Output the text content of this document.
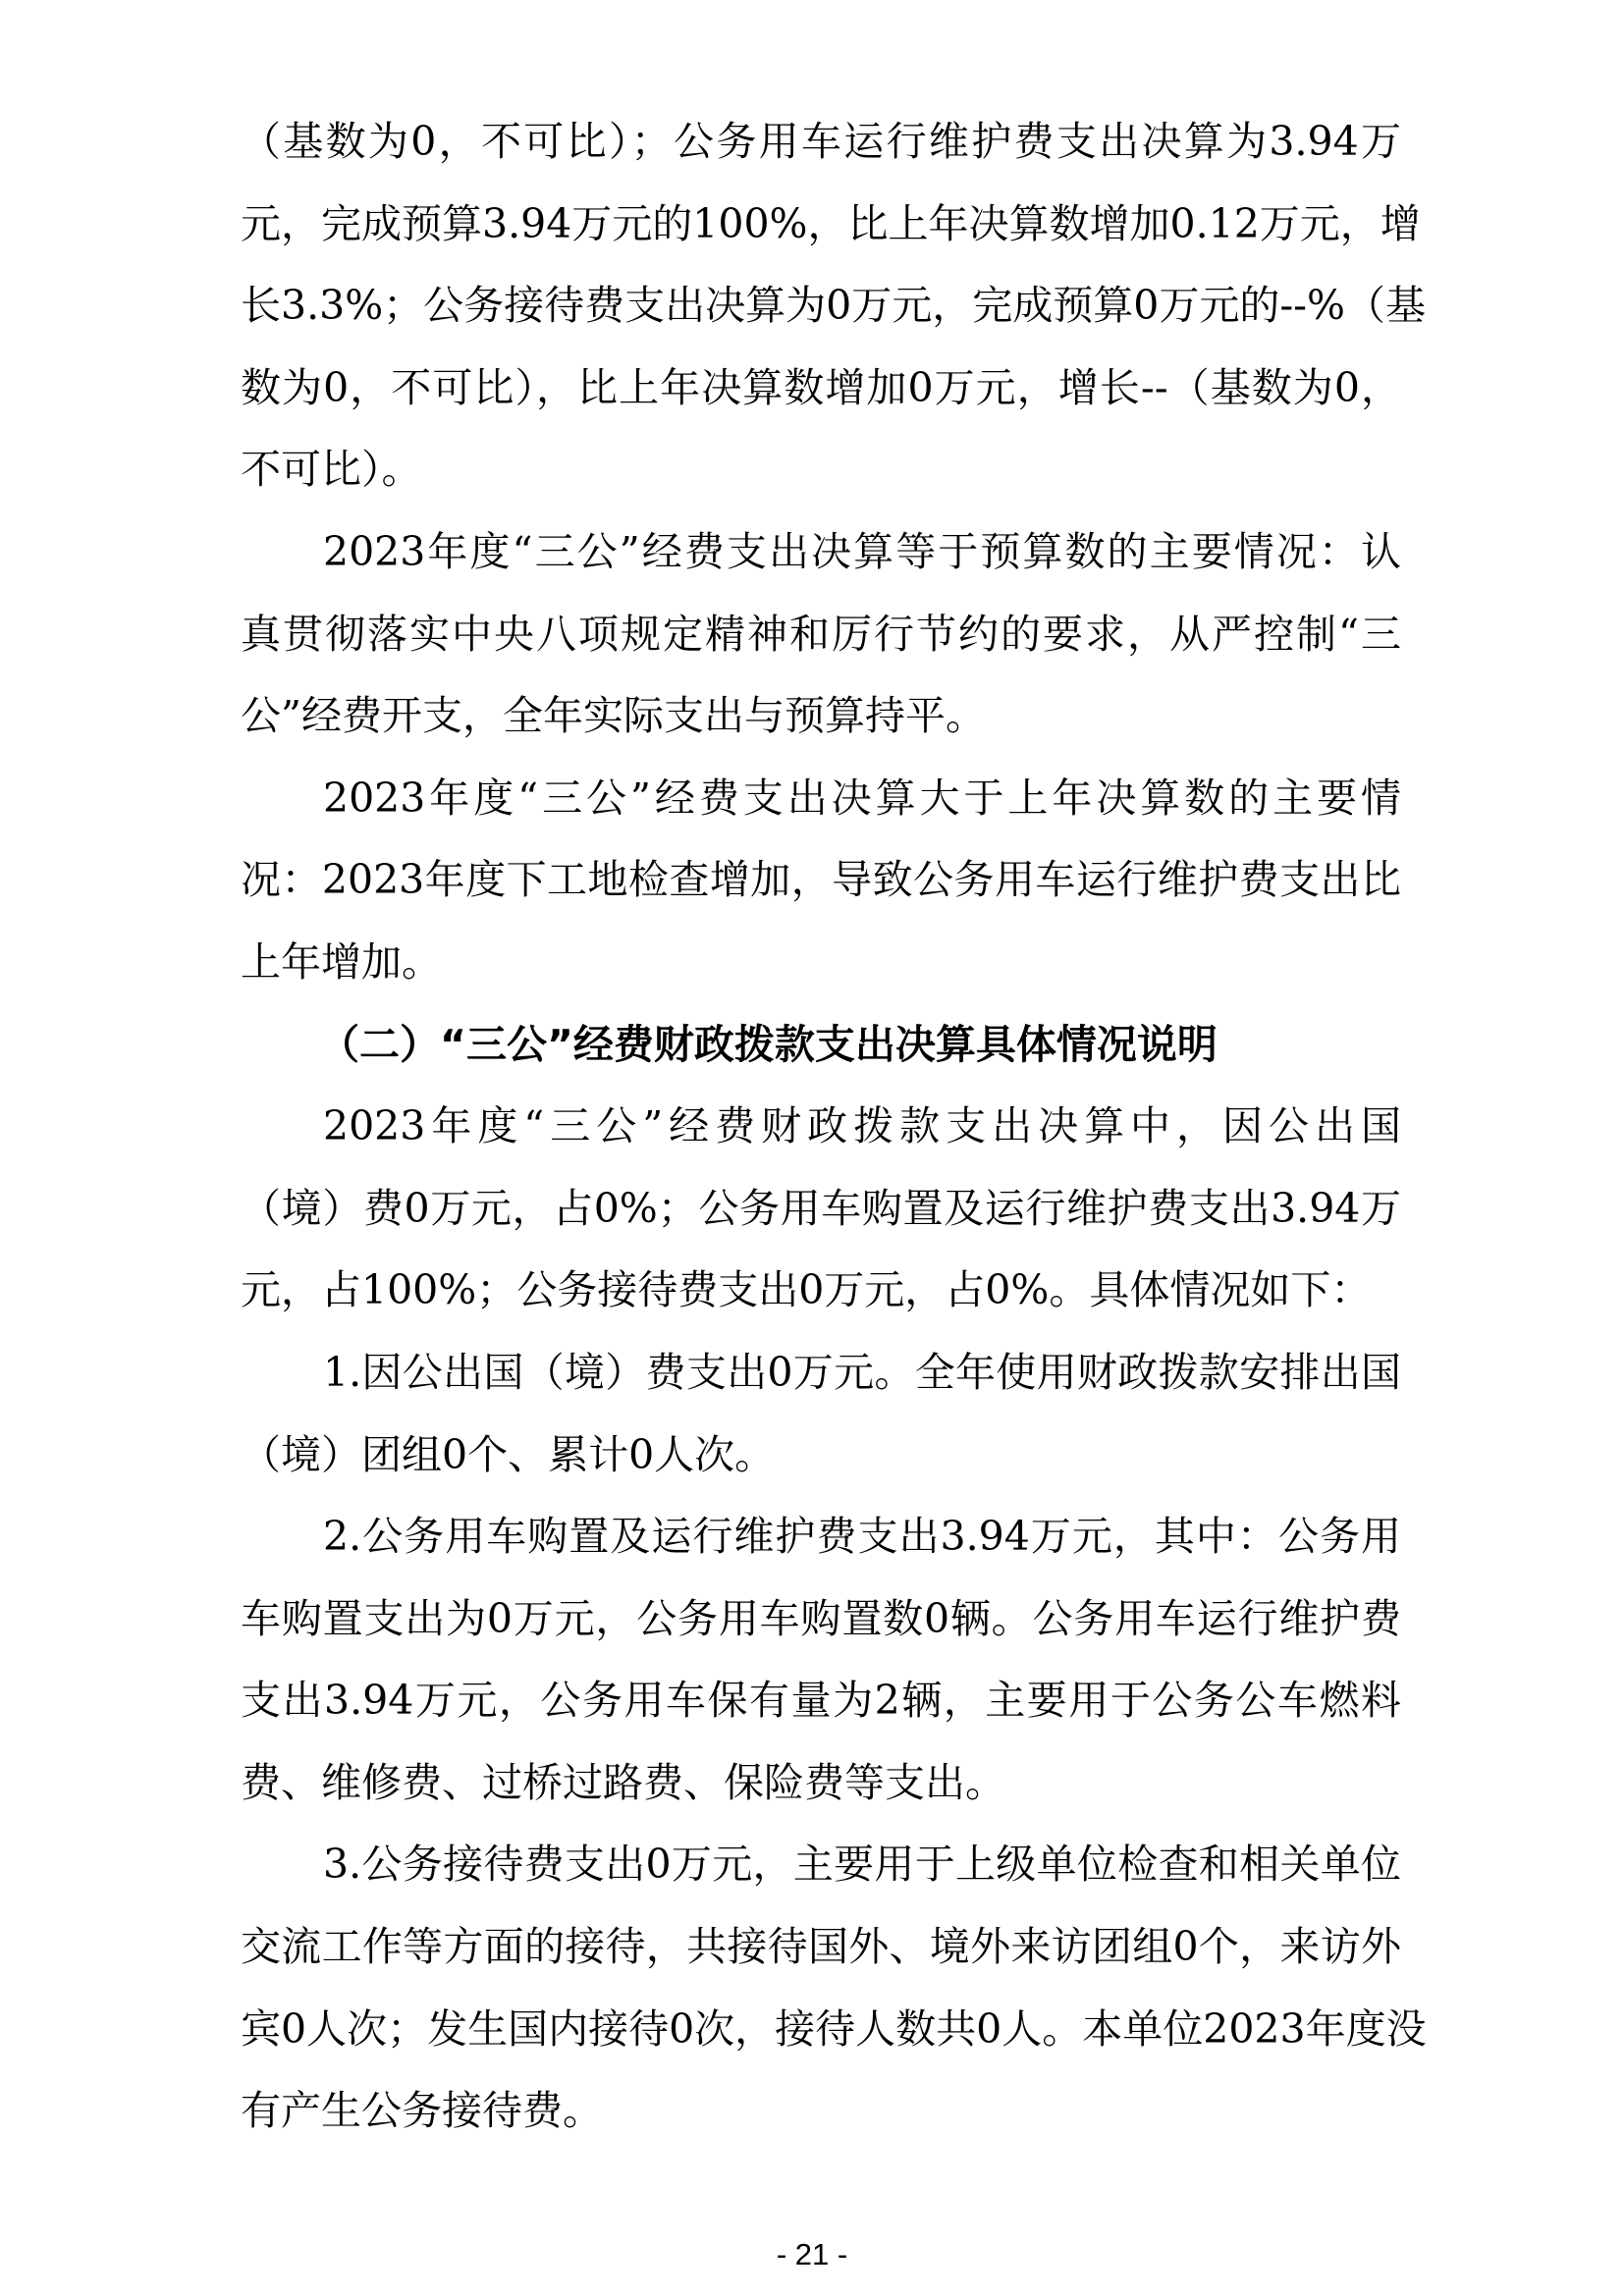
（基数为0，不可比）；公务用车运行维护费支出决算为3.94万
元，完成预算3.94万元的100%，比上年决算数增加0.12万元，增
长3.3%；公务接待费支出决算为0万元，完成预算0万元的--%（基
数为0，不可比），比上年决算数增加0万元，增长--（基数为0，
不可比）。
2023年度“三公”经费支出决算等于预算数的主要情况：认
真贯彻落实中央八项规定精神和厉行节约的要求，从严控制“三
公”经费开支，全年实际支出与预算持平。
2023年度“三公”经费支出决算大于上年决算数的主要情
况：2023年度下工地检查增加，导致公务用车运行维护费支出比
上年增加。
（二）“三公”经费财政拨款支出决算具体情况说明
2023年度“三公”经费财政拨款支出决算中，因公出国
（境）费0万元，占0%；公务用车购置及运行维护费支出3.94万
元，占100%；公务接待费支出0万元，占0%。具体情况如下：
1.因公出国（境）费支出0万元。全年使用财政拨款安排出国
（境）团组0个、累计0人次。
2.公务用车购置及运行维护费支出3.94万元，其中：公务用
车购置支出为0万元，公务用车购置数0辆。公务用车运行维护费
支出3.94万元，公务用车保有量为2辆，主要用于公务公车燃料
费、维修费、过桥过路费、保险费等支出。
3.公务接待费支出0万元，主要用于上级单位检查和相关单位
交流工作等方面的接待，共接待国外、境外来访团组0个，来访外
宾0人次；发生国内接待0次，接待人数共0人。本单位2023年度没
有产生公务接待费。
- 21 -
